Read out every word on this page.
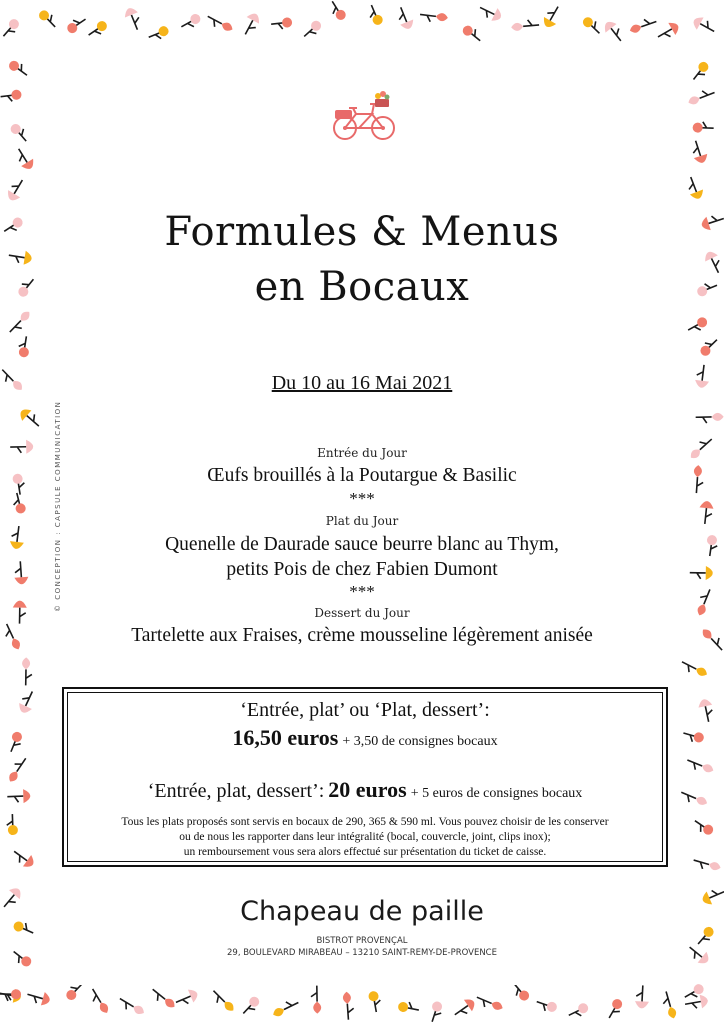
© CONCEPTION : CAPSULE COMMUNICATION
Formules & Menus
en Bocaux
Du 10 au 16 Mai 2021
Entrée du Jour
Œufs brouillés à la Poutargue & Basilic
***
Plat du Jour
Quenelle de Daurade sauce beurre blanc au Thym,
petits Pois de chez Fabien Dumont
***
Dessert du Jour
Tartelette aux Fraises, crème mousseline légèrement anisée
‘Entrée, plat’ ou ‘Plat, dessert’:
16,50 euros + 3,50 de consignes bocaux
‘Entrée, plat, dessert’: 20 euros + 5 euros de consignes bocaux
Tous les plats proposés sont servis en bocaux de 290, 365 & 590 ml. Vous pouvez choisir de les conserver
ou de nous les rapporter dans leur intégralité (bocal, couvercle, joint, clips inox);
un remboursement vous sera alors effectué sur présentation du ticket de caisse.
Chapeau de paille
BISTROT PROVENÇAL
29, BOULEVARD MIRABEAU – 13210 SAINT-REMY-DE-PROVENCE
